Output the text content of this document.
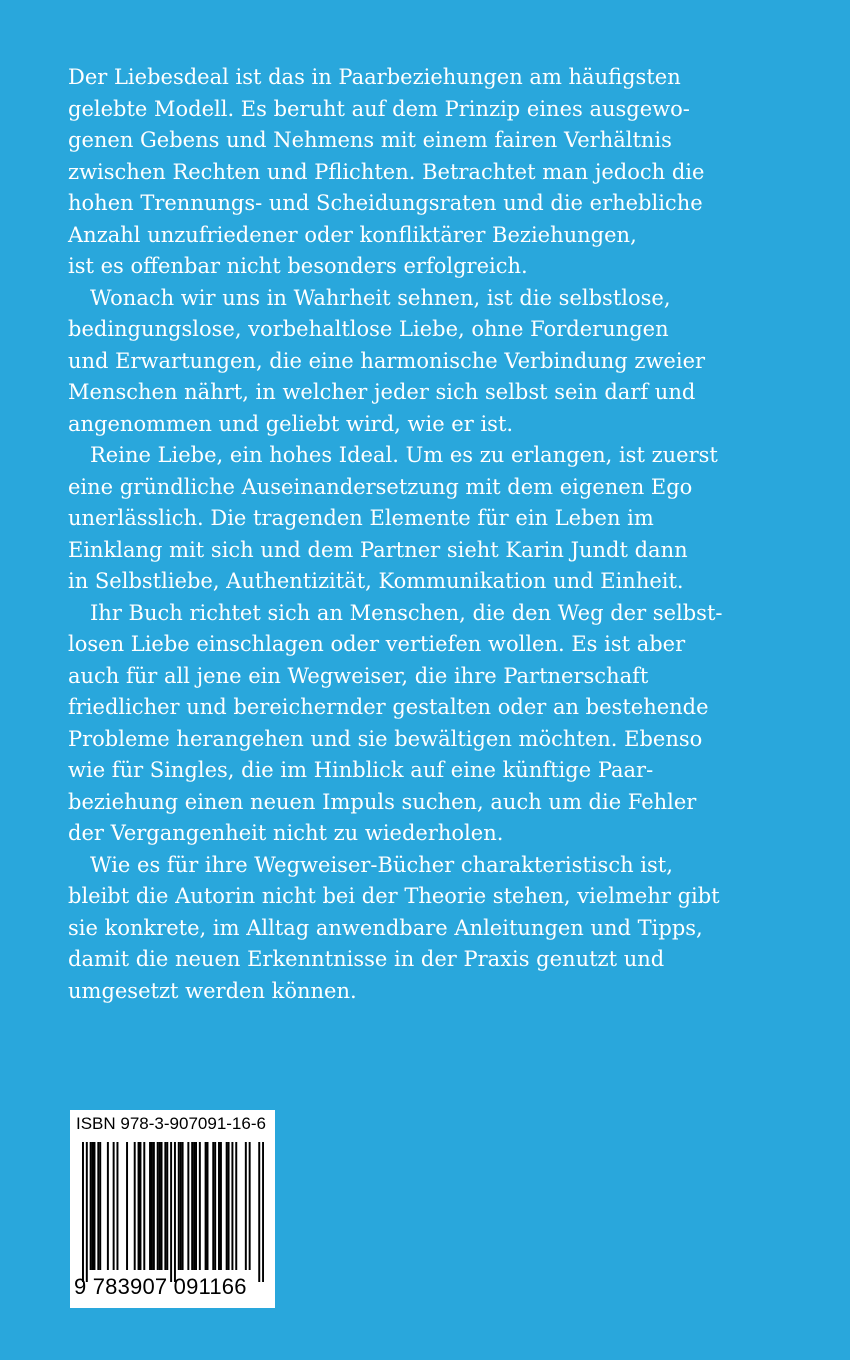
Der Liebesdeal ist das in Paarbeziehungen am häufigsten
gelebte Modell. Es beruht auf dem Prinzip eines ausgewo-
genen Gebens und Nehmens mit einem fairen Verhältnis
zwischen Rechten und Pflichten. Betrachtet man jedoch die
hohen Trennungs- und Scheidungsraten und die erhebliche
Anzahl unzufriedener oder konfliktärer Beziehungen,
ist es offenbar nicht besonders erfolgreich.

Wonach wir uns in Wahrheit sehnen, ist die selbstlose,
bedingungslose, vorbehaltlose Liebe, ohne Forderungen
und Erwartungen, die eine harmonische Verbindung zweier
Menschen nährt, in welcher jeder sich selbst sein darf und
angenommen und geliebt wird, wie er ist.

Reine Liebe, ein hohes Ideal. Um es zu erlangen, ist zuerst
eine gründliche Auseinandersetzung mit dem eigenen Ego
unerlässlich. Die tragenden Elemente für ein Leben im
Einklang mit sich und dem Partner sieht Karin Jundt dann
in Selbstliebe, Authentizität, Kommunikation und Einheit.

Ihr Buch richtet sich an Menschen, die den Weg der selbst-
losen Liebe einschlagen oder vertiefen wollen. Es ist aber
auch für all jene ein Wegweiser, die ihre Partnerschaft
friedlicher und bereichernder gestalten oder an bestehende
Probleme herangehen und sie bewältigen möchten. Ebenso
wie für Singles, die im Hinblick auf eine künftige Paar-
beziehung einen neuen Impuls suchen, auch um die Fehler
der Vergangenheit nicht zu wiederholen.

Wie es für ihre Wegweiser-Bücher charakteristisch ist,
bleibt die Autorin nicht bei der Theorie stehen, vielmehr gibt
sie konkrete, im Alltag anwendbare Anleitungen und Tipps,
damit die neuen Erkenntnisse in der Praxis genutzt und
umgesetzt werden können.

ISBN 978-3-907091-16-6
9 783907 091166
